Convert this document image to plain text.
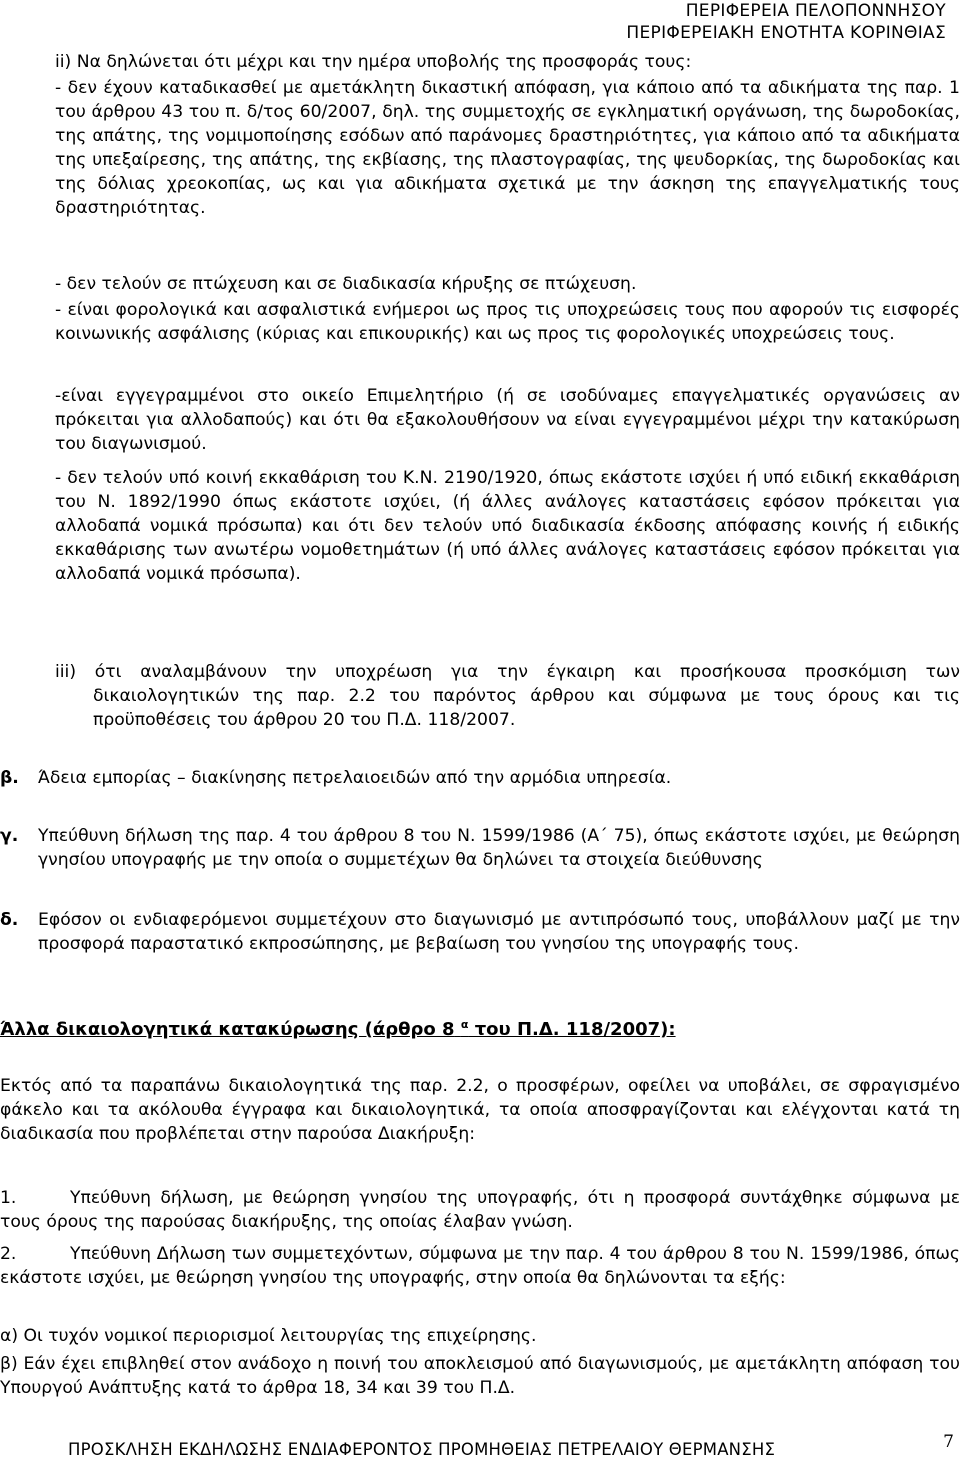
ΠΕΡΙΦΕΡΕΙΑ ΠΕΛΟΠΟΝΝΗΣΟΥ
ΠΕΡΙΦΕΡΕΙΑΚΗ ΕΝΟΤΗΤΑ ΚΟΡΙΝΘΙΑΣ
ii) Να δηλώνεται ότι μέχρι και την ημέρα υποβολής της προσφοράς τους:
- δεν έχουν καταδικασθεί με αμετάκλητη δικαστική απόφαση, για κάποιο από τα αδικήματα της παρ. 1 του άρθρου 43 του π. δ/τος 60/2007, δηλ. της συμμετοχής σε εγκληματική οργάνωση, της δωροδοκίας, της απάτης, της νομιμοποίησης εσόδων από παράνομες δραστηριότητες, για κάποιο από τα αδικήματα της υπεξαίρεσης, της απάτης, της εκβίασης, της πλαστογραφίας, της ψευδορκίας, της δωροδοκίας και της δόλιας χρεοκοπίας, ως και για αδικήματα σχετικά με την άσκηση της επαγγελματικής τους δραστηριότητας.
- δεν τελούν σε πτώχευση και σε διαδικασία κήρυξης σε πτώχευση.
- είναι φορολογικά και ασφαλιστικά ενήμεροι ως προς τις υποχρεώσεις τους που αφορούν τις εισφορές κοινωνικής ασφάλισης (κύριας και επικουρικής) και ως προς τις φορολογικές υποχρεώσεις τους.
-είναι εγγεγραμμένοι στο οικείο Επιμελητήριο (ή σε ισοδύναμες επαγγελματικές οργανώσεις αν πρόκειται για αλλοδαπούς) και ότι θα εξακολουθήσουν να είναι εγγεγραμμένοι μέχρι την κατακύρωση του διαγωνισμού.
- δεν τελούν υπό κοινή εκκαθάριση του Κ.Ν. 2190/1920, όπως εκάστοτε ισχύει ή υπό ειδική εκκαθάριση του Ν. 1892/1990 όπως εκάστοτε ισχύει, (ή άλλες ανάλογες καταστάσεις εφόσον πρόκειται για αλλοδαπά νομικά πρόσωπα) και ότι δεν τελούν υπό διαδικασία έκδοσης απόφασης κοινής ή ειδικής εκκαθάρισης των ανωτέρω νομοθετημάτων (ή υπό άλλες ανάλογες καταστάσεις εφόσον πρόκειται για αλλοδαπά νομικά πρόσωπα).
iii) ότι αναλαμβάνουν την υποχρέωση για την έγκαιρη και προσήκουσα προσκόμιση των δικαιολογητικών της παρ. 2.2 του παρόντος άρθρου και σύμφωνα με τους όρους και τις προϋποθέσεις του άρθρου 20 του Π.Δ. 118/2007.
β. Άδεια εμπορίας – διακίνησης πετρελαιοειδών από την αρμόδια υπηρεσία.
γ. Υπεύθυνη δήλωση της παρ. 4 του άρθρου 8 του Ν. 1599/1986 (Α΄ 75), όπως εκάστοτε ισχύει, με θεώρηση γνησίου υπογραφής με την οποία ο συμμετέχων θα δηλώνει τα στοιχεία διεύθυνσης
δ. Εφόσον οι ενδιαφερόμενοι συμμετέχουν στο διαγωνισμό με αντιπρόσωπό τους, υποβάλλουν μαζί με την προσφορά παραστατικό εκπροσώπησης, με βεβαίωση του γνησίου της υπογραφής τους.
Άλλα δικαιολογητικά κατακύρωσης (άρθρο 8 $^\alpha$ του Π.Δ. 118/2007):
Εκτός από τα παραπάνω δικαιολογητικά της παρ. 2.2, ο προσφέρων, οφείλει να υποβάλει, σε σφραγισμένο φάκελο και τα ακόλουθα έγγραφα και δικαιολογητικά, τα οποία αποσφραγίζονται και ελέγχονται κατά τη διαδικασία που προβλέπεται στην παρούσα Διακήρυξη:
1.	Υπεύθυνη δήλωση, με θεώρηση γνησίου της υπογραφής, ότι η προσφορά συντάχθηκε σύμφωνα με τους όρους της παρούσας διακήρυξης, της οποίας έλαβαν γνώση.
2.	Υπεύθυνη Δήλωση των συμμετεχόντων, σύμφωνα με την παρ. 4 του άρθρου 8 του Ν. 1599/1986, όπως εκάστοτε ισχύει, με θεώρηση γνησίου της υπογραφής, στην οποία θα δηλώνονται τα εξής:
α) Οι τυχόν νομικοί περιορισμοί λειτουργίας της επιχείρησης.
β) Εάν έχει επιβληθεί στον ανάδοχο η ποινή του αποκλεισμού από διαγωνισμούς, με αμετάκλητη απόφαση του Υπουργού Ανάπτυξης κατά το άρθρα 18, 34 και 39 του Π.Δ.
ΠΡΟΣΚΛΗΣΗ ΕΚΔΗΛΩΣΗΣ ΕΝΔΙΑΦΕΡΟΝΤΟΣ ΠΡΟΜΗΘΕΙΑΣ ΠΕΤΡΕΛΑΙΟΥ ΘΕΡΜΑΝΣΗΣ	7
